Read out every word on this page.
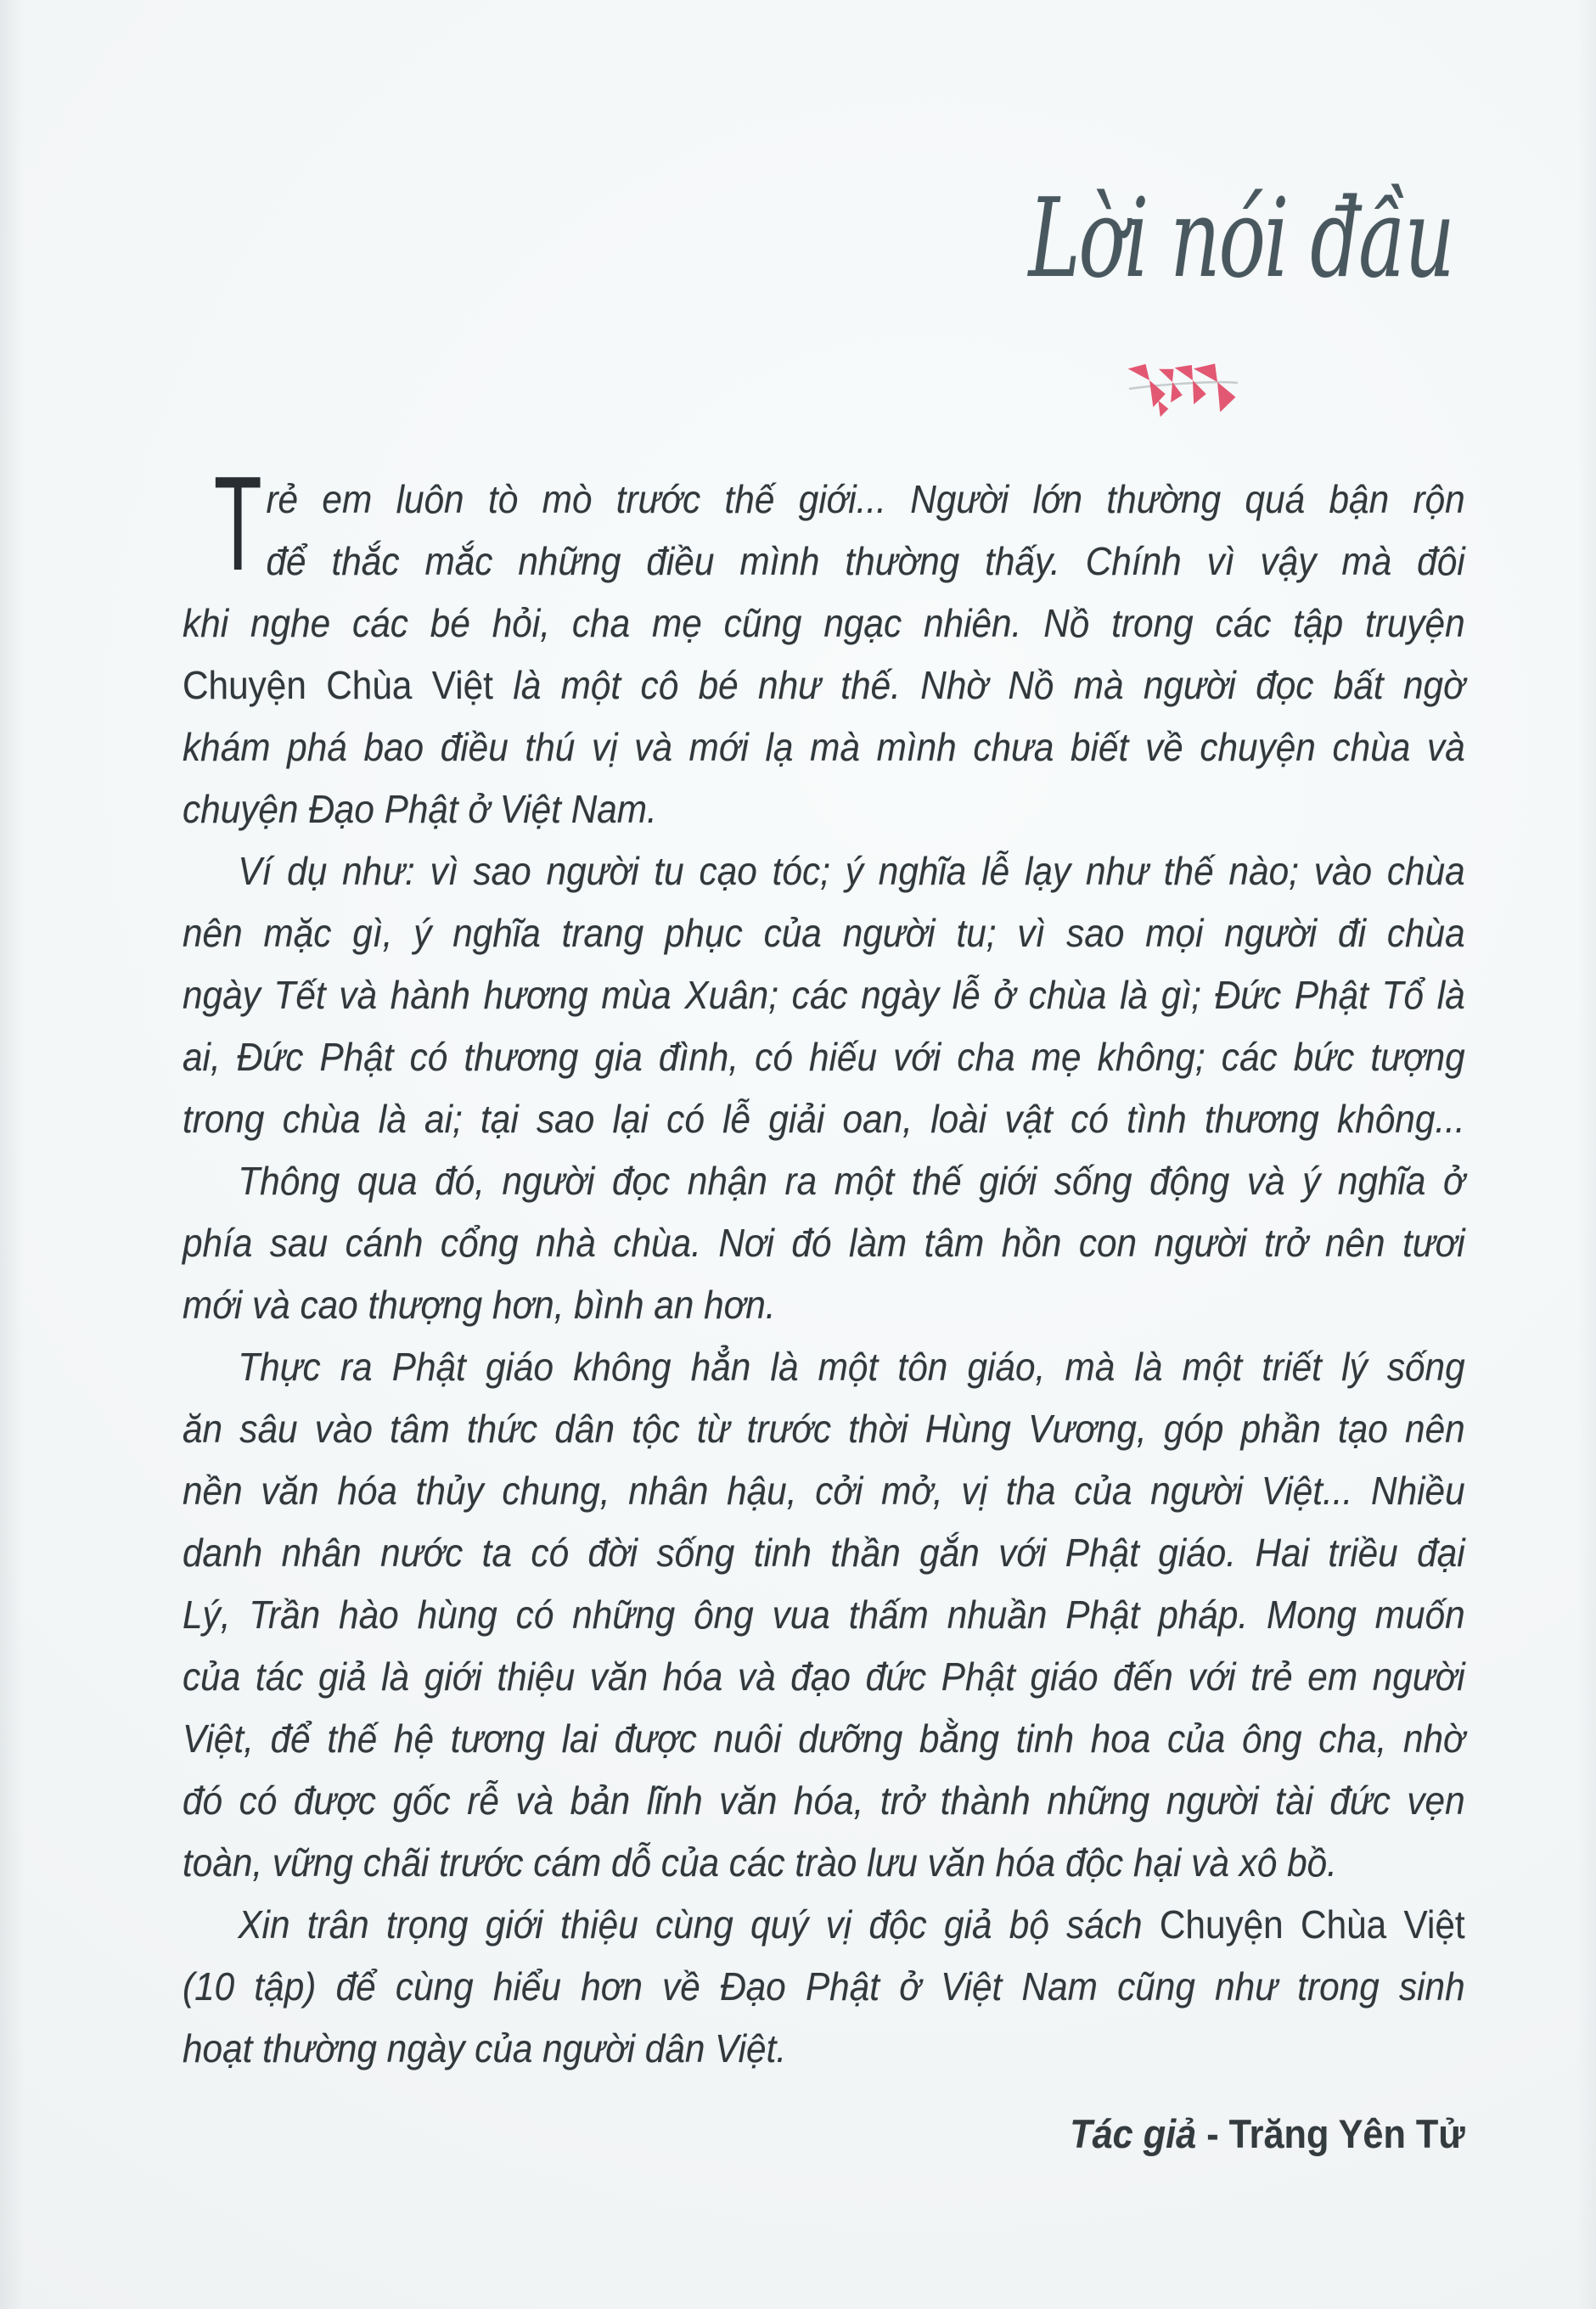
Lời nói đầu
T rẻ em luôn tò mò trước thế giới... Người lớn thường quá bận rộn
để thắc mắc những điều mình thường thấy. Chính vì vậy mà đôi
khi nghe các bé hỏi, cha mẹ cũng ngạc nhiên. Nồ trong các tập truyện
Chuyện Chùa Việt là một cô bé như thế. Nhờ Nồ mà người đọc bất ngờ
khám phá bao điều thú vị và mới lạ mà mình chưa biết về chuyện chùa và
chuyện Đạo Phật ở Việt Nam.
Ví dụ như: vì sao người tu cạo tóc; ý nghĩa lễ lạy như thế nào; vào chùa
nên mặc gì, ý nghĩa trang phục của người tu; vì sao mọi người đi chùa
ngày Tết và hành hương mùa Xuân; các ngày lễ ở chùa là gì; Đức Phật Tổ là
ai, Đức Phật có thương gia đình, có hiếu với cha mẹ không; các bức tượng
trong chùa là ai; tại sao lại có lễ giải oan, loài vật có tình thương không...
Thông qua đó, người đọc nhận ra một thế giới sống động và ý nghĩa ở
phía sau cánh cổng nhà chùa. Nơi đó làm tâm hồn con người trở nên tươi
mới và cao thượng hơn, bình an hơn.
Thực ra Phật giáo không hẳn là một tôn giáo, mà là một triết lý sống
ăn sâu vào tâm thức dân tộc từ trước thời Hùng Vương, góp phần tạo nên
nền văn hóa thủy chung, nhân hậu, cởi mở, vị tha của người Việt... Nhiều
danh nhân nước ta có đời sống tinh thần gắn với Phật giáo. Hai triều đại
Lý, Trần hào hùng có những ông vua thấm nhuần Phật pháp. Mong muốn
của tác giả là giới thiệu văn hóa và đạo đức Phật giáo đến với trẻ em người
Việt, để thế hệ tương lai được nuôi dưỡng bằng tinh hoa của ông cha, nhờ
đó có được gốc rễ và bản lĩnh văn hóa, trở thành những người tài đức vẹn
toàn, vững chãi trước cám dỗ của các trào lưu văn hóa độc hại và xô bồ.
Xin trân trọng giới thiệu cùng quý vị độc giả bộ sách Chuyện Chùa Việt
(10 tập) để cùng hiểu hơn về Đạo Phật ở Việt Nam cũng như trong sinh
hoạt thường ngày của người dân Việt.
Tác giả - Trăng Yên Tử
